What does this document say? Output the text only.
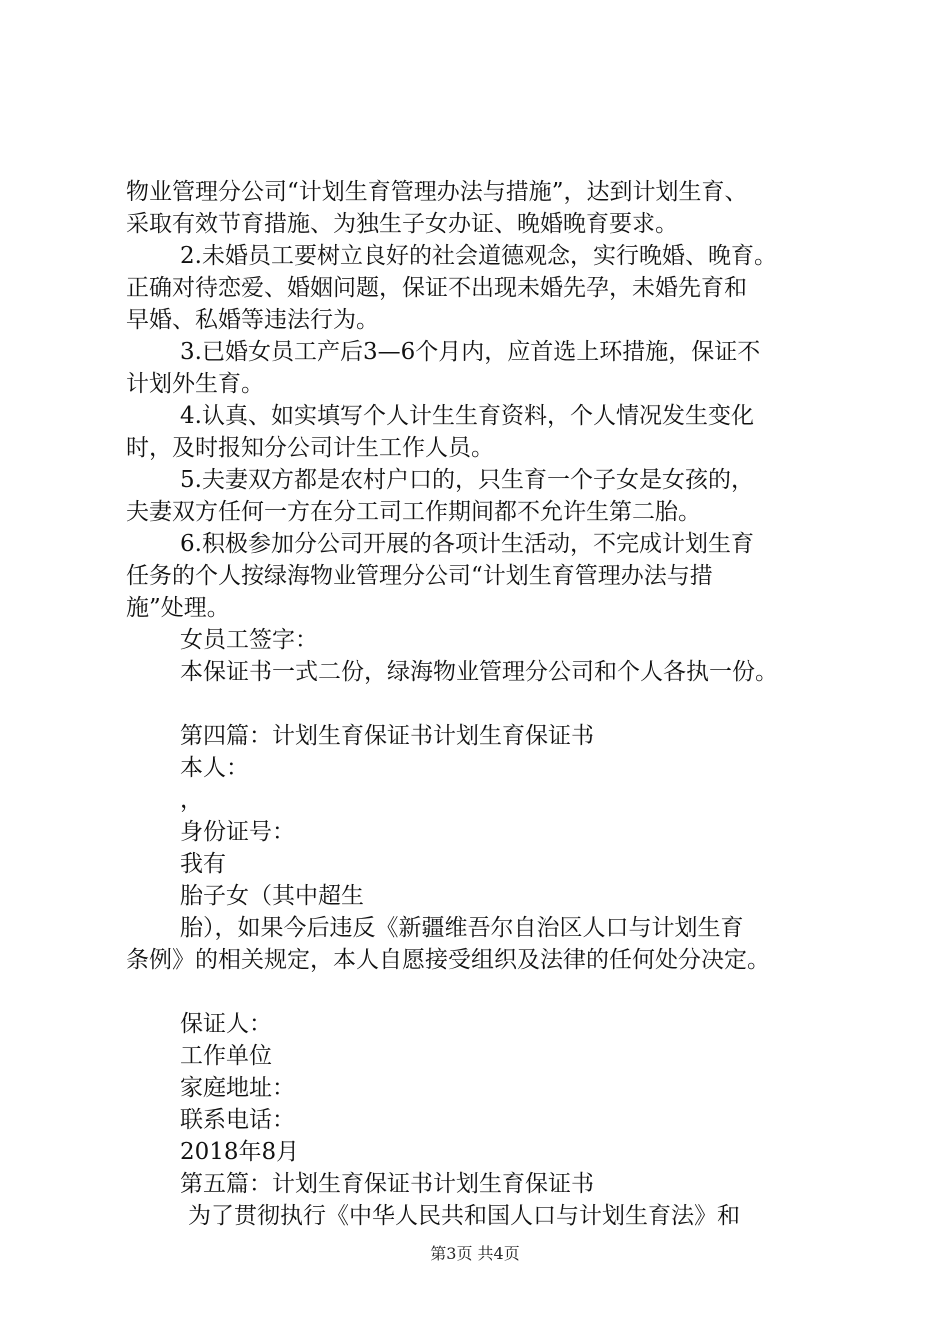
物业管理分公司“计划生育管理办法与措施”，达到计划生育、

采取有效节育措施、为独生子女办证、晚婚晚育要求。

2.未婚员工要树立良好的社会道德观念，实行晚婚、晚育。

正确对待恋爱、婚姻问题，保证不出现未婚先孕，未婚先育和

早婚、私婚等违法行为。

3.已婚女员工产后3—6个月内，应首选上环措施，保证不

计划外生育。

4.认真、如实填写个人计生生育资料，个人情况发生变化

时，及时报知分公司计生工作人员。

5.夫妻双方都是农村户口的，只生育一个子女是女孩的，

夫妻双方任何一方在分工司工作期间都不允许生第二胎。

6.积极参加分公司开展的各项计生活动，不完成计划生育

任务的个人按绿海物业管理分公司“计划生育管理办法与措

施”处理。

女员工签字：

本保证书一式二份，绿海物业管理分公司和个人各执一份。

第四篇：计划生育保证书计划生育保证书

本人：

，

身份证号：

我有

胎子女（其中超生

胎），如果今后违反《新疆维吾尔自治区人口与计划生育

条例》的相关规定，本人自愿接受组织及法律的任何处分决定。

保证人：

工作单位

家庭地址：

联系电话：

2018年8月

第五篇：计划生育保证书计划生育保证书

为了贯彻执行《中华人民共和国人口与计划生育法》和

第3页 共4页
